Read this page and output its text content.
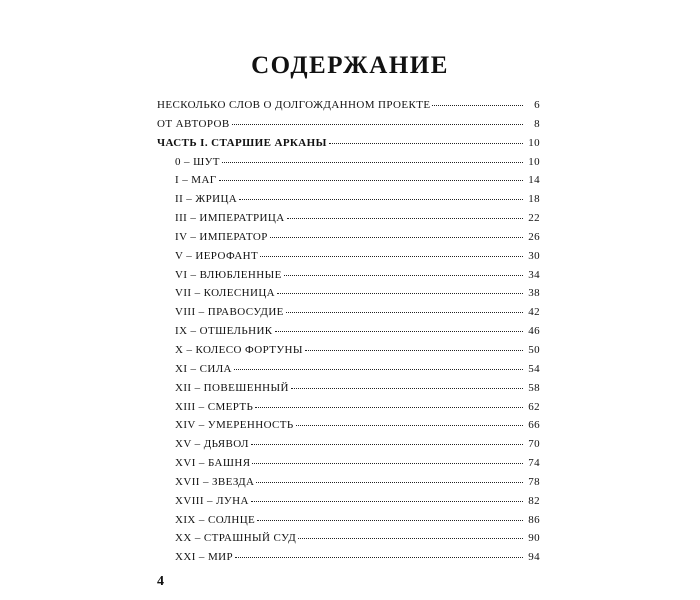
СОДЕРЖАНИЕ
НЕСКОЛЬКО СЛОВ О ДОЛГОЖДАННОМ ПРОЕКТЕ	6
ОТ АВТОРОВ	8
ЧАСТЬ I. СТАРШИЕ АРКАНЫ	10
0 – ШУТ	10
I – МАГ	14
II – ЖРИЦА	18
III – ИМПЕРАТРИЦА	22
IV – ИМПЕРАТОР	26
V – ИЕРОФАНТ	30
VI – ВЛЮБЛЕННЫЕ	34
VII – КОЛЕСНИЦА	38
VIII – ПРАВОСУДИЕ	42
IX – ОТШЕЛЬНИК	46
X – КОЛЕСО ФОРТУНЫ	50
XI – СИЛА	54
XII – ПОВЕШЕННЫЙ	58
XIII – СМЕРТЬ	62
XIV – УМЕРЕННОСТЬ	66
XV – ДЬЯВОЛ	70
XVI – БАШНЯ	74
XVII – ЗВЕЗДА	78
XVIII – ЛУНА	82
XIX – СОЛНЦЕ	86
XX – СТРАШНЫЙ СУД	90
XXI – МИР	94
4
